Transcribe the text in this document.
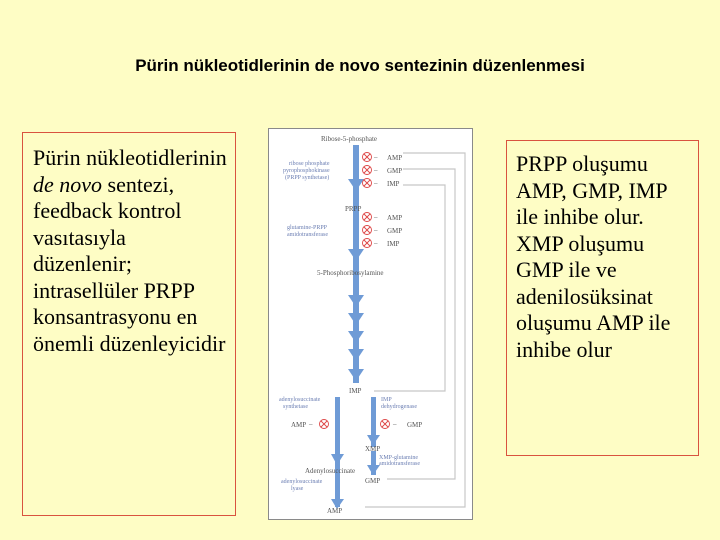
Pürin nükleotidlerinin de novo sentezinin düzenlenmesi
Pürin nükleotidlerinin de novo sentezi, feedback kontrol vasıtasıyla düzenlenir; intrasellüler PRPP konsantrasyonu en önemli düzenleyicidir
Ribose-5-phosphate
ribose phosphate
pyrophosphokinase
(PRPP synthetase)
PRPP
glutamine-PRPP
amidotransferase
5-Phosphoribosylamine
IMP
adenylosuccinate
synthetase
IMP
dehydrogenase
XMP
XMP-glutamine
amidotransferase
Adenylosuccinate
GMP
adenylosuccinate
lyase
AMP
– AMP
– GMP
– IMP
– AMP
– GMP
– IMP
AMP –	– GMP
PRPP oluşumu AMP, GMP, IMP ile inhibe olur. XMP oluşumu GMP ile ve adenilosüksinat oluşumu AMP ile inhibe olur
